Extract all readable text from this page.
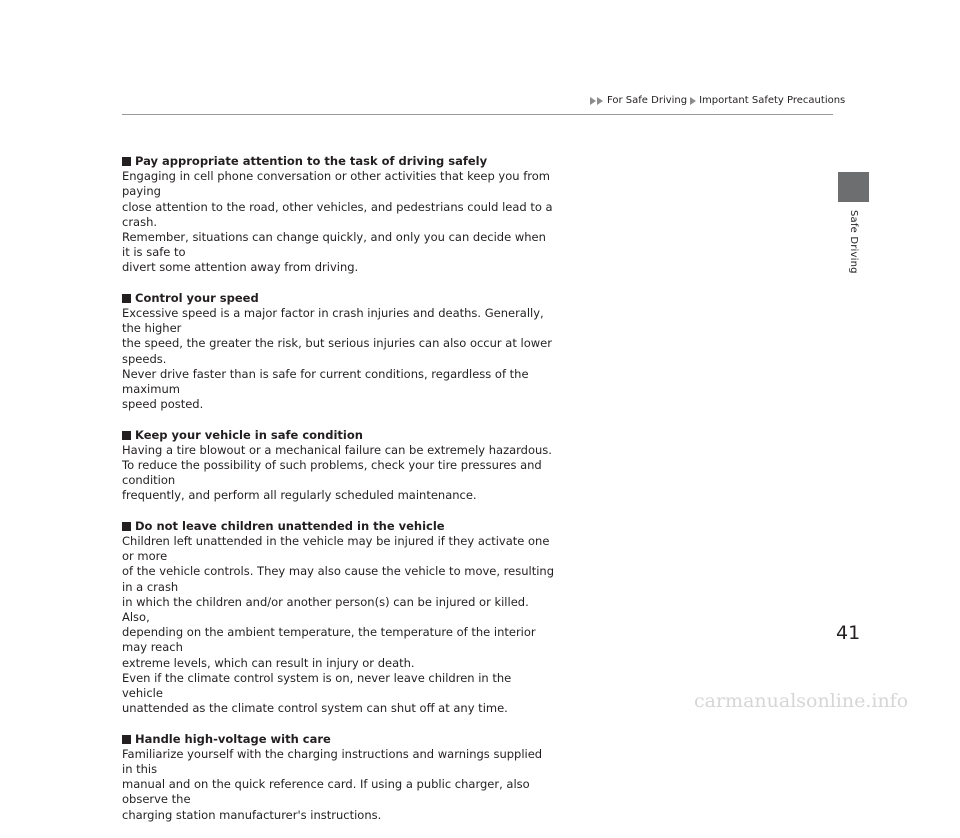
For Safe Driving Important Safety Precautions
Pay appropriate attention to the task of driving safely

Engaging in cell phone conversation or other activities that keep you from paying

close attention to the road, other vehicles, and pedestrians could lead to a crash.

Remember, situations can change quickly, and only you can decide when it is safe to

divert some attention away from driving.

Control your speed

Excessive speed is a major factor in crash injuries and deaths. Generally, the higher

the speed, the greater the risk, but serious injuries can also occur at lower speeds.

Never drive faster than is safe for current conditions, regardless of the maximum

speed posted.

Keep your vehicle in safe condition

Having a tire blowout or a mechanical failure can be extremely hazardous.

To reduce the possibility of such problems, check your tire pressures and condition

frequently, and perform all regularly scheduled maintenance.

Do not leave children unattended in the vehicle

Children left unattended in the vehicle may be injured if they activate one or more

of the vehicle controls. They may also cause the vehicle to move, resulting in a crash

in which the children and/or another person(s) can be injured or killed. Also,

depending on the ambient temperature, the temperature of the interior may reach

extreme levels, which can result in injury or death.

Even if the climate control system is on, never leave children in the vehicle

unattended as the climate control system can shut off at any time.

Handle high-voltage with care

Familiarize yourself with the charging instructions and warnings supplied in this

manual and on the quick reference card. If using a public charger, also observe the

charging station manufacturer's instructions.

Safe Driving
41
carmanualsonline.info
